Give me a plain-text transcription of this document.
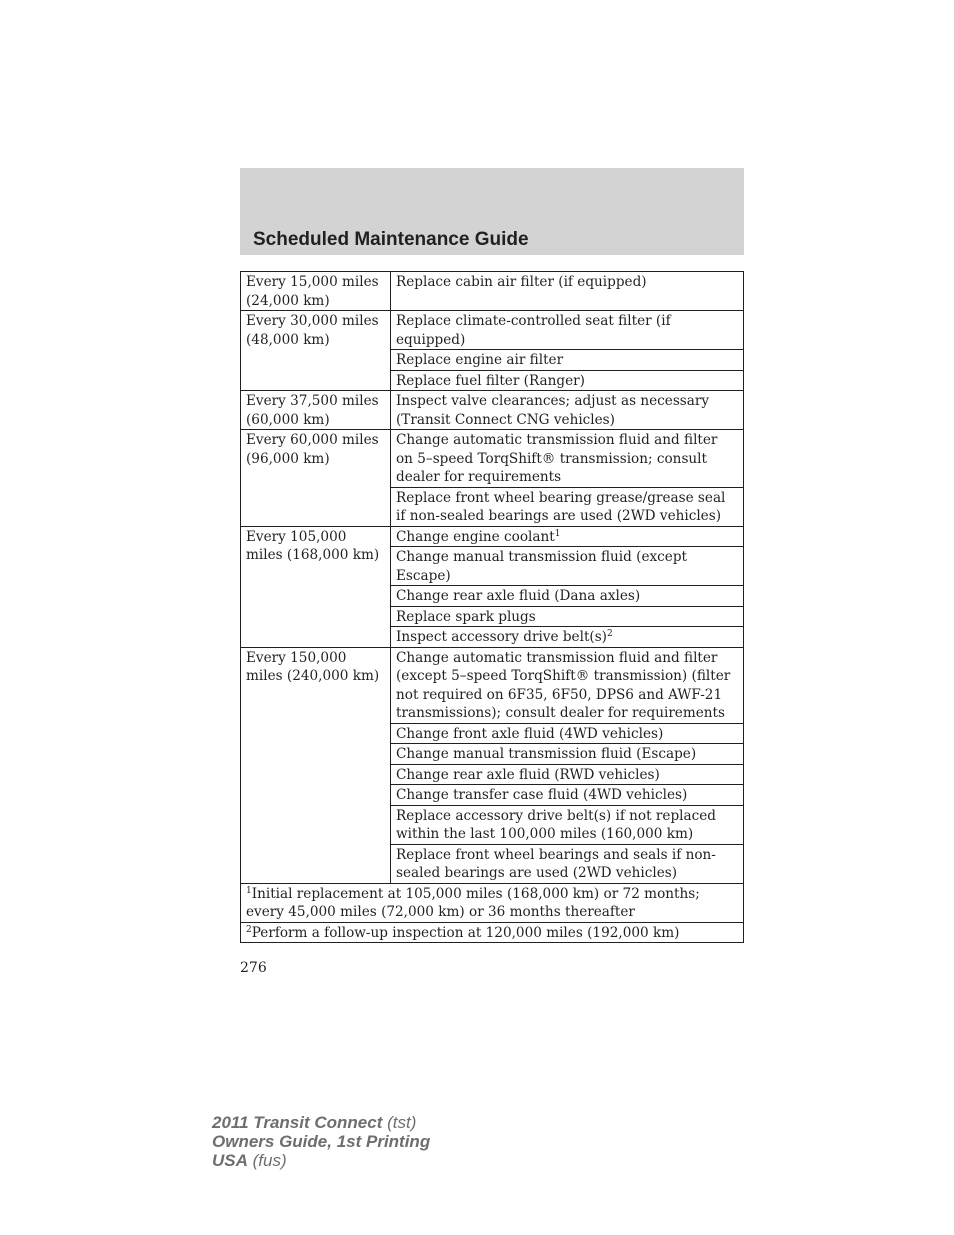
Scheduled Maintenance Guide
Every 15,000 miles (24,000 km)	Replace cabin air filter (if equipped)
Every 30,000 miles (48,000 km)	Replace climate-controlled seat filter (if equipped)
	Replace engine air filter
	Replace fuel filter (Ranger)
Every 37,500 miles (60,000 km)	Inspect valve clearances; adjust as necessary (Transit Connect CNG vehicles)
Every 60,000 miles (96,000 km)	Change automatic transmission fluid and filter on 5–speed TorqShift® transmission; consult dealer for requirements
	Replace front wheel bearing grease/grease seal if non-sealed bearings are used (2WD vehicles)
Every 105,000 miles (168,000 km)	Change engine coolant$^1$
	Change manual transmission fluid (except Escape)
	Change rear axle fluid (Dana axles)
	Replace spark plugs
	Inspect accessory drive $belt(s)^2$
Every 150,000 miles (240,000 km)	Change automatic transmission fluid and filter (except 5–speed TorqShift® transmission) (filter not required on 6F35, 6F50, DPS6 and AWF-21 transmissions); consult dealer for requirements
	Change front axle fluid (4WD vehicles)
	Change manual transmission fluid (Escape)
	Change rear axle fluid (RWD vehicles)
	Change transfer case fluid (4WD vehicles)
	Replace accessory drive belt(s) if not replaced within the last 100,000 miles (160,000 km)
	Replace front wheel bearings and seals if non-sealed bearings are used (2WD vehicles)
$^1$Initial replacement at 105,000 miles (168,000 km) or 72 months; every 45,000 miles (72,000 km) or 36 months thereafter	
$^2$Perform a follow-up inspection at 120,000 miles (192,000 km)	
276
2011 Transit Connect (tst)
Owners Guide, 1st Printing
USA (fus)
